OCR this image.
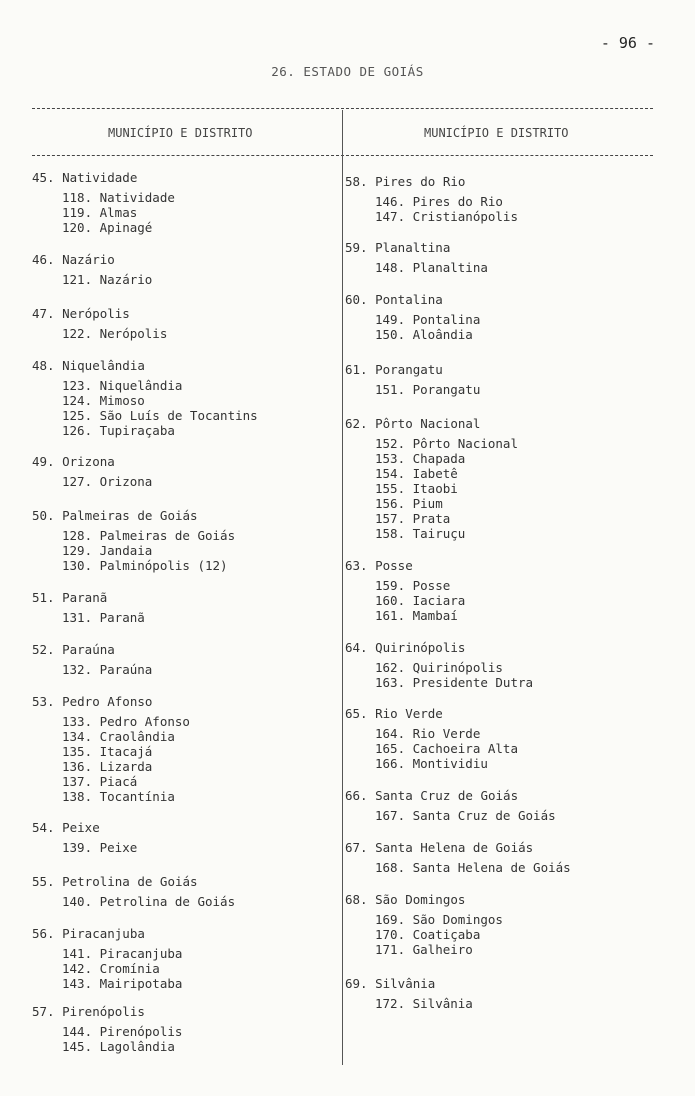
- 96 -
26. ESTADO DE GOIÁS
MUNICÍPIO E DISTRITO	MUNICÍPIO E DISTRITO
45. Natividade
118. Natividade
119. Almas
120. Apinagé
46. Nazário
121. Nazário
47. Nerópolis
122. Nerópolis
48. Niquelândia
123. Niquelândia
124. Mimoso
125. São Luís de Tocantins
126. Tupiraçaba
49. Orizona
127. Orizona
50. Palmeiras de Goiás
128. Palmeiras de Goiás
129. Jandaia
130. Palminópolis (12)
51. Paranã
131. Paranã
52. Paraúna
132. Paraúna
53. Pedro Afonso
133. Pedro Afonso
134. Craolândia
135. Itacajá
136. Lizarda
137. Piacá
138. Tocantínia
54. Peixe
139. Peixe
55. Petrolina de Goiás
140. Petrolina de Goiás
56. Piracanjuba
141. Piracanjuba
142. Cromínia
143. Mairipotaba
57. Pirenópolis
144. Pirenópolis
145. Lagolândia
58. Pires do Rio
146. Pires do Rio
147. Cristianópolis
59. Planaltina
148. Planaltina
60. Pontalina
149. Pontalina
150. Aloândia
61. Porangatu
151. Porangatu
62. Pôrto Nacional
152. Pôrto Nacional
153. Chapada
154. Iabetê
155. Itaobi
156. Pium
157. Prata
158. Tairuçu
63. Posse
159. Posse
160. Iaciara
161. Mambaí
64. Quirinópolis
162. Quirinópolis
163. Presidente Dutra
65. Rio Verde
164. Rio Verde
165. Cachoeira Alta
166. Montividiu
66. Santa Cruz de Goiás
167. Santa Cruz de Goiás
67. Santa Helena de Goiás
168. Santa Helena de Goiás
68. São Domingos
169. São Domingos
170. Coatiçaba
171. Galheiro
69. Silvânia
172. Silvânia
